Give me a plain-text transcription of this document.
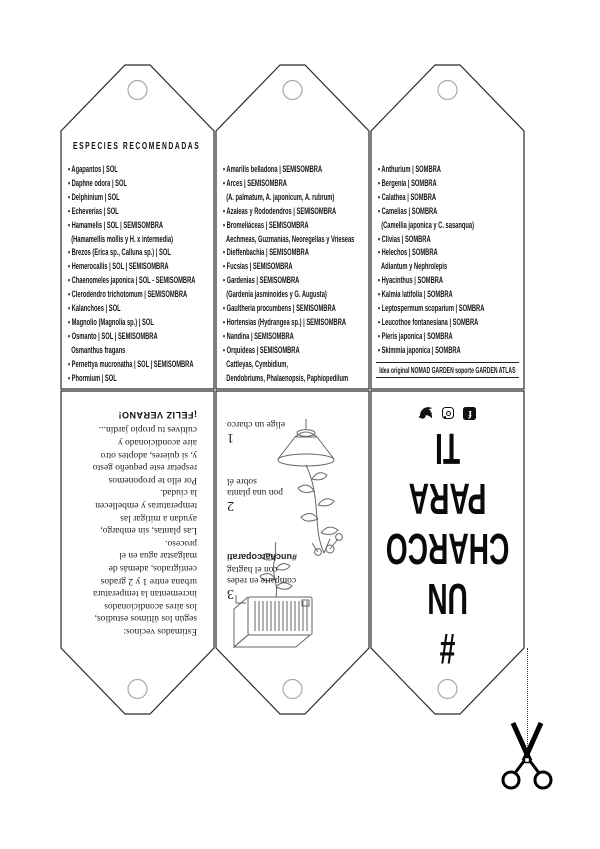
ESPECIES RECOMENDADAS
• Agapantos | SOL
• Daphne odora | SOL
• Delphinium | SOL
• Echeverias | SOL
• Hamamelis | SOL | SEMISOMBRA
(Hamamellis mollis y H. x intermedia)
• Brezos (Erica sp., Calluna sp.) | SOL
• Hemerocallis | SOL | SEMISOMBRA
• Chaenomeles japonica | SOL - SEMISOMBRA
• Clerodendro trichotomum | SEMISOMBRA
• Kalanchoes | SOL
• Magnolio (Magnolia sp.) | SOL
• Osmanto | SOL | SEMISOMBRA
Osmanthus fragans
• Pernettya mucronatha | SOL | SEMISOMBRA
• Phormium | SOL
• Amarilis belladona | SEMISOMBRA
• Arces | SEMISOMBRA
(A. palmatum, A. japonicum, A. rubrum)
• Azaleas y Rododendros | SEMISOMBRA
• Bromeliáceas | SEMISOMBRA
Aechmeas, Guzmanias, Neoregelias y Vrieseas
• Dieffenbachia | SEMISOMBRA
• Fucsias | SEMISOMBRA
• Gardenias | SEMISOMBRA
(Gardenia jasminoides y G. Augusta)
• Gaultheria procumbens | SEMISOMBRA
• Hortensias (Hydrangea sp.) | SEMISOMBRA
• Nandina | SEMISOMBRA
• Orquideas | SEMISOMBRA
Cattleyas, Cymbidium,
Dendobriums, Phalaenopsis, Paphiopedilum
• Anthurium | SOMBRA
• Bergenia | SOMBRA
• Calathea | SOMBRA
• Camelias | SOMBRA
(Camellia japonica y C. sasanqua)
• Clivias | SOMBRA
• Helechos | SOMBRA
Adiantum y Nephrolepis
• Hyacinthus | SOMBRA
• Kalmia latifolia | SOMBRA
• Leptospermum scoparium | SOMBRA
• Leucothoe fontanesiana | SOMBRA
• Pieris japonica | SOMBRA
• Skimmia japonica | SOMBRA
Idea original NOMAD GARDEN soporte GARDEN ATLAS
Estimados vecinos:
según los últimos estudios,
los aires acondicionados
incrementan la temperatura
urbana entre 1 y 2 grados
centígrados, además de
malgastar agua en el
proceso.
Las plantas, sin embargo,
ayudan a mitigar las
temperaturas y embellecen
la ciudad.
Por ello te proponemos
respetar este pequeño gesto
y, si quieres, adoptes otro
aire acondicionado y
cultives tu propio jardín...
¡FELIZ VERANO!
3
comparte en redes
con el hagtag
#uncharcoparati
2
pon una planta
sobre él
1
elige un charco
#
UN
CHARCO
PARA
TI
f
